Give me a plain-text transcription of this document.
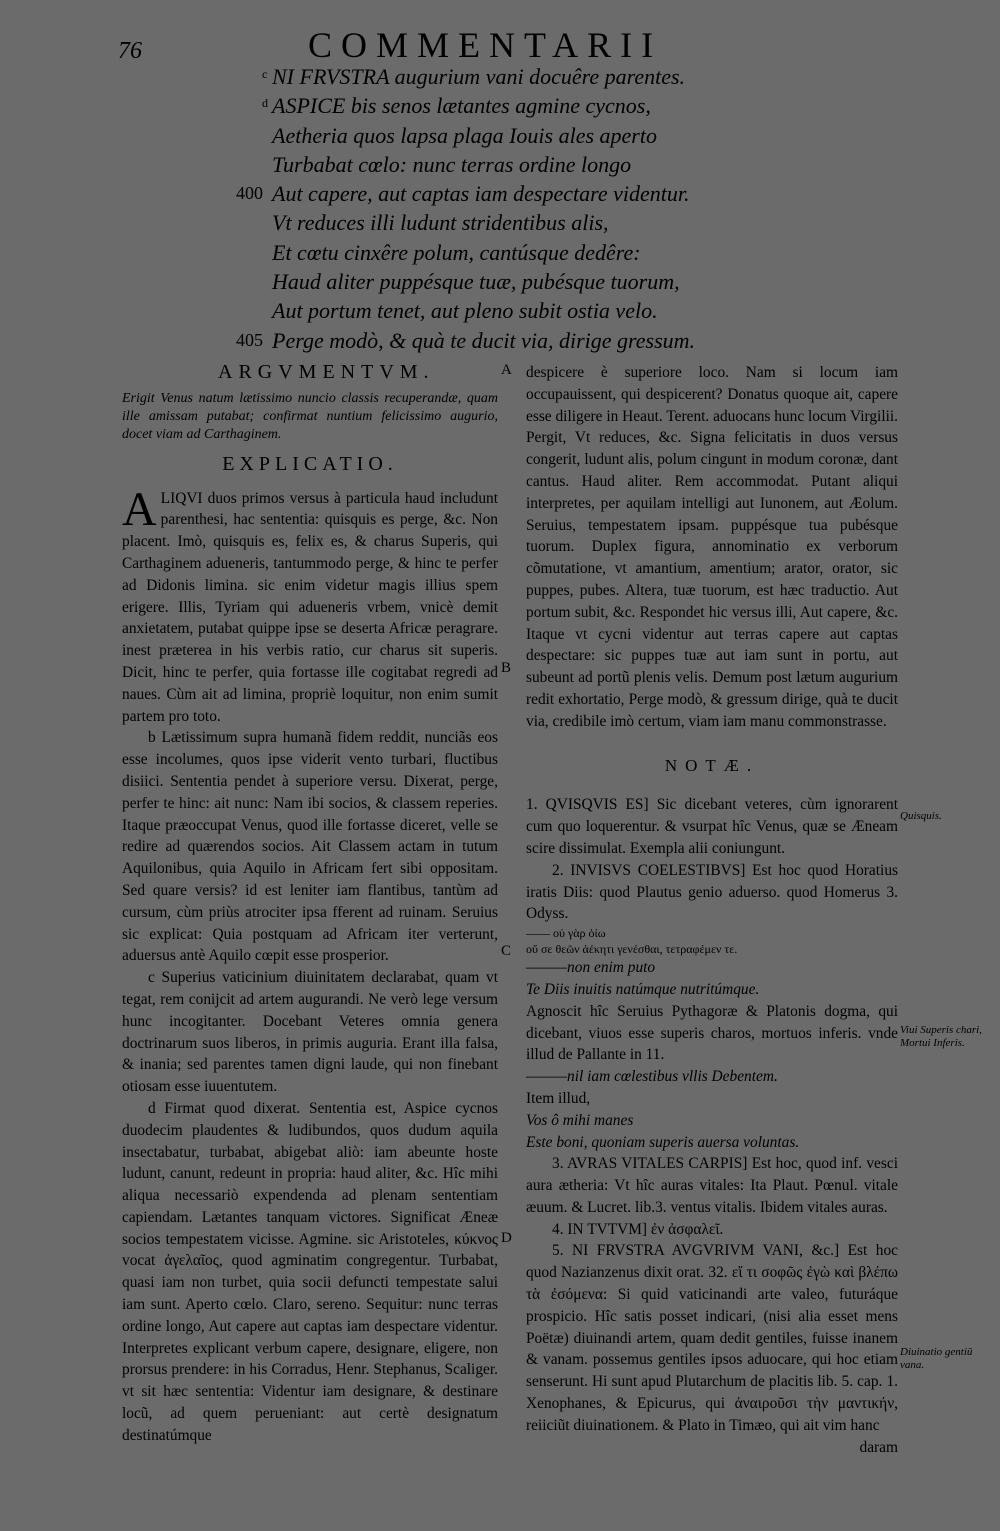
76	COMMENTARII
c NI FRVSTRA augurium vani docuêre parentes.
d ASPICE bis senos lætantes agmine cycnos,
Aetheria quos lapsa plaga Iouis ales aperto
Turbabat cœlo: nunc terras ordine longo
400 Aut capere, aut captas iam despectare videntur.
Vt reduces illi ludunt stridentibus alis,
Et cœtu cinxêre polum, cantúsque dedêre:
Haud aliter puppésque tuæ, pubésque tuorum,
Aut portum tenet, aut pleno subit ostia velo.
405 Perge modò, & quà te ducit via, dirige gressum.
ARGVMENTVM.

Erigit Venus natum lætissimo nuncio classis recuperandæ, quam ille amissam putabat; confirmat nuntium felicissimo augurio, docet viam ad Carthaginem.

EXPLICATIO.

ALIQVI duos primos versus à particula haud includunt parenthesi, hac sententia: quisquis es perge, &c. Non placent. Imò, quisquis es, felix es, & charus Superis, qui Carthaginem adueneris, tantummodo perge, & hinc te perfer ad Didonis limina. sic enim videtur magis illius spem erigere. Illis, Tyriam qui adueneris vrbem, vnicè demit anxietatem, putabat quippe ipse se deserta Africæ peragrare. inest præterea in his verbis ratio, cur charus sit superis. Dicit, hinc te perfer, quia fortasse ille cogitabat regredi ad naues. Cùm ait ad limina, propriè loquitur, non enim sumit partem pro toto.

b Lætissimum supra humanã fidem reddit, nunciãs eos esse incolumes, quos ipse viderit vento turbari, fluctibus disiici. Sententia pendet à superiore versu. Dixerat, perge, perfer te hinc: ait nunc: Nam ibi socios, & classem reperies. Itaque præoccupat Venus, quod ille fortasse diceret, velle se redire ad quærendos socios. Ait Classem actam in tutum Aquilonibus, quia Aquilo in Africam fert sibi oppositam. Sed quare versis? id est leniter iam flantibus, tantùm ad cursum, cùm priùs atrociter ipsa fferent ad ruinam. Seruius sic explicat: Quia postquam ad Africam iter verterunt, aduersus antè Aquilo cœpit esse prosperior.

c Superius vaticinium diuinitatem declarabat, quam vt tegat, rem conijcit ad artem augurandi. Ne verò lege versum hunc incogitanter. Docebant Veteres omnia genera doctrinarum suos liberos, in primis auguria. Erant illa falsa, & inania; sed parentes tamen digni laude, qui non finebant otiosam esse iuuentutem.

d Firmat quod dixerat. Sententia est, Aspice cycnos duodecim plaudentes & ludibundos, quos dudum aquila insectabatur, turbabat, abigebat aliò: iam abeunte hoste ludunt, canunt, redeunt in propria: haud aliter, &c. Hîc mihi aliqua necessariò expendenda ad plenam sententiam capiendam. Lætantes tanquam victores. Significat Æneæ socios tempestatem vicisse. Agmine. sic Aristoteles, κύκνος vocat ἀγελαῖος, quod agminatim congregentur. Turbabat, quasi iam non turbet, quia socii defuncti tempestate salui iam sunt. Aperto cœlo. Claro, sereno. Sequitur: nunc terras ordine longo, Aut capere aut captas iam despectare videntur. Interpretes explicant verbum capere, designare, eligere, non prorsus prendere: in his Corradus, Henr. Stephanus, Scaliger. vt sit hæc sententia: Videntur iam designare, & destinare locũ, ad quem perueniant: aut certè designatum destinatúmque

despicere è superiore loco. Nam si locum iam occupauissent, qui despicerent? Donatus quoque ait, capere esse diligere in Heaut. Terent. aduocans hunc locum Virgilii. Pergit, Vt reduces, &c. Signa felicitatis in duos versus congerit, ludunt alis, polum cingunt in modum coronæ, dant cantus. Haud aliter. Rem accommodat. Putant aliqui interpretes, per aquilam intelligi aut Iunonem, aut Æolum. Seruius, tempestatem ipsam. puppésque tua pubésque tuorum. Duplex figura, annominatio ex verborum cõmutatione, vt amantium, amentium; arator, orator, sic puppes, pubes. Altera, tuæ tuorum, est hæc traductio. Aut portum subit, &c. Respondet hic versus illi, Aut capere, &c. Itaque vt cycni videntur aut terras capere aut captas despectare: sic puppes tuæ aut iam sunt in portu, aut subeunt ad portũ plenis velis. Demum post lætum augurium redit exhortatio, Perge modò, & gressum dirige, quà te ducit via, credibile imò certum, viam iam manu commonstrasse.

NOTÆ.

1. QVISQVIS ES] Sic dicebant veteres, cùm ignorarent cum quo loquerentur. & vsurpat hîc Venus, quæ se Æneam scire dissimulat. Exempla alii coniungunt.

2. INVISVS COELESTIBVS] Est hoc quod Horatius iratis Diis: quod Plautus genio aduerso. quod Homerus 3. Odyss.

—— οὐ γὰρ ὀίω

οὔ σε θεῶν ἀέκητι γενέσθαι, τετραφέμεν τε.

———non enim puto

Te Diis inuitis natúmque nutritúmque.

Agnoscit hîc Seruius Pythagoræ & Platonis dogma, qui dicebant, viuos esse superis charos, mortuos inferis. vnde illud de Pallante in 11.

———nil iam cœlestibus vllis Debentem.

Item illud,

Vos ô mihi manes

Este boni, quoniam superis auersa voluntas.

3. AVRAS VITALES CARPIS] Est hoc, quod inf. vesci aura ætheria: Vt hîc auras vitales: Ita Plaut. Pœnul. vitale æuum. & Lucret. lib.3. ventus vitalis. Ibidem vitales auras.

4. IN TVTVM] ἐν ἀσφαλεῖ.

5. NI FRVSTRA AVGVRIVM VANI, &c.] Est hoc quod Nazianzenus dixit orat. 32. εἴ τι σοφῶς ἐγὼ καὶ βλέπω τὰ ἐσόμενα: Si quid vaticinandi arte valeo, futuráque prospicio. Hîc satis posset indicari, (nisi alia esset mens Poëtæ) diuinandi artem, quam dedit gentiles, fuisse inanem & vanam. possemus gentiles ipsos aduocare, qui hoc etiam senserunt. Hi sunt apud Plutarchum de placitis lib. 5. cap. 1. Xenophanes, & Epicurus, qui ἀναιροῦσι τὴν μαντικήν, reiiciũt diuinationem. & Plato in Timæo, qui ait vim hanc

daram

A
B
C
D
Quisquis.
Viui Superis chari, Mortui Inferis.
Diuinatio gentiũ vana.
